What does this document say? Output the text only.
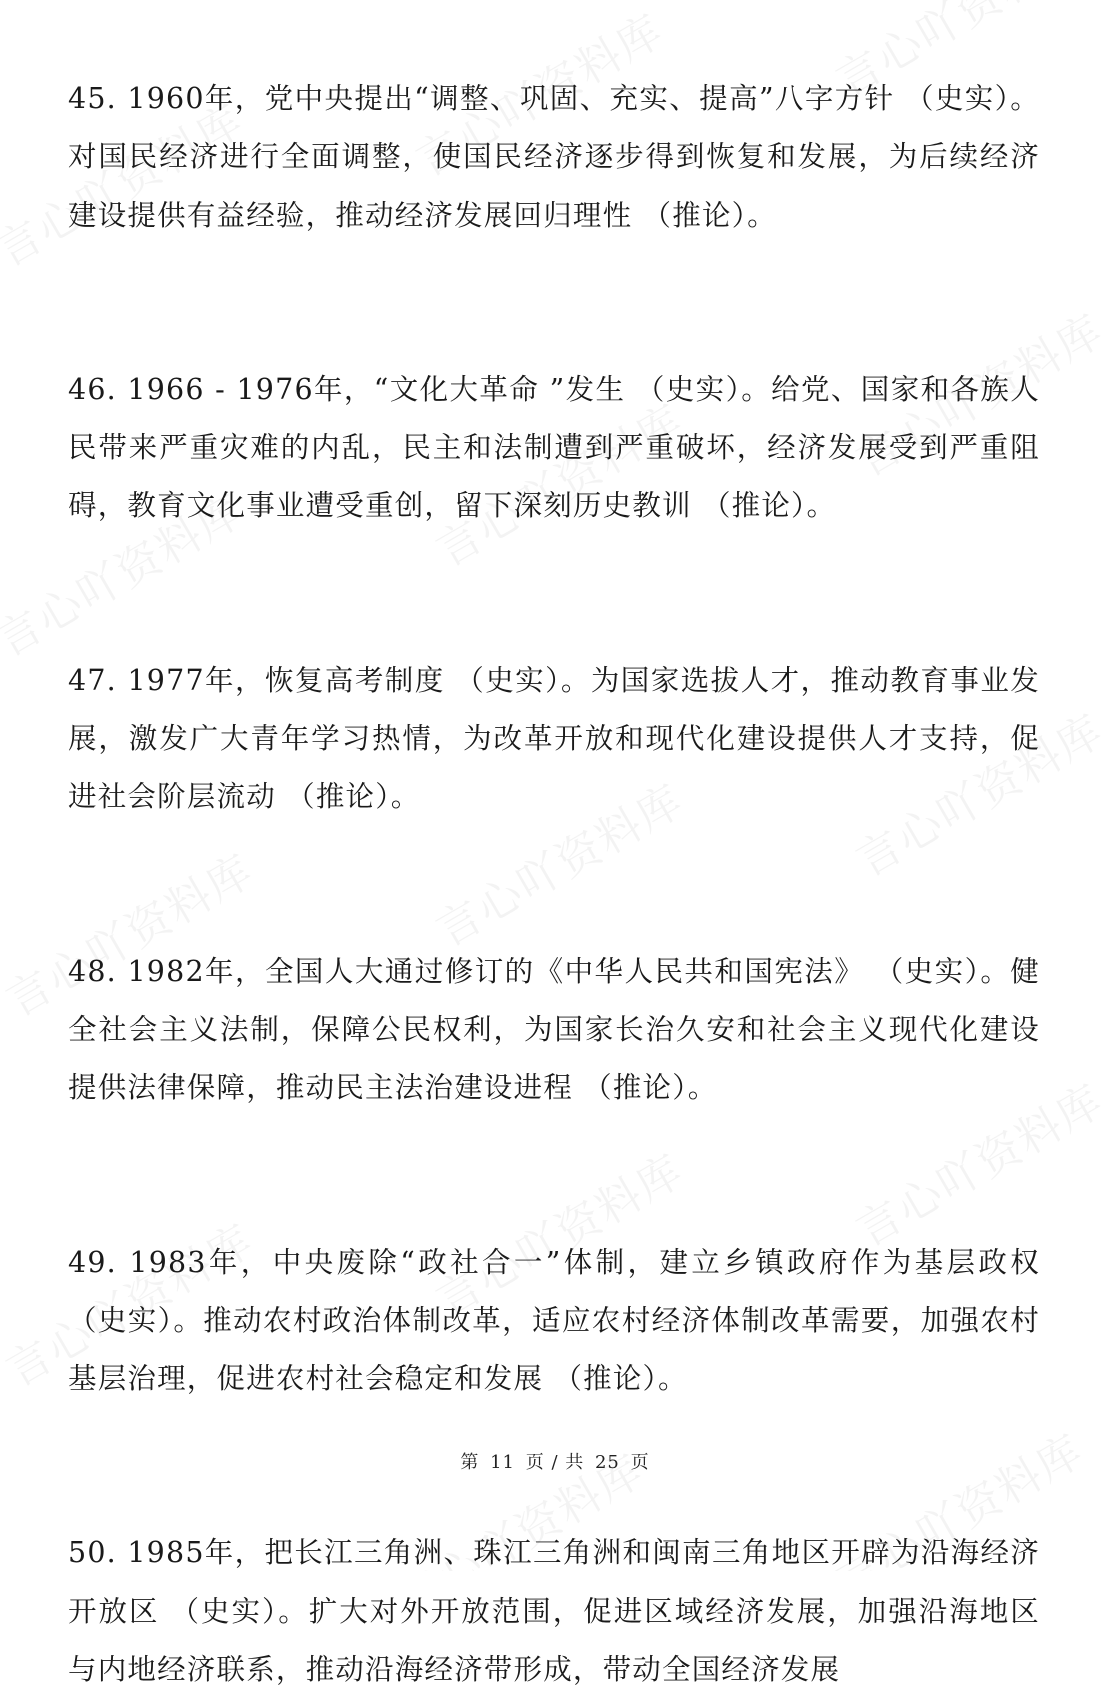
45. 1960年，党中央提出“调整、巩固、充实、提高”八字方针 （史实）。对国民经济进行全面调整，使国民经济逐步得到恢复和发展，为后续经济建设提供有益经验，推动经济发展回归理性 （推论）。

46. 1966 - 1976年，“文化大革命 ”发生 （史实）。给党、国家和各族人民带来严重灾难的内乱，民主和法制遭到严重破坏，经济发展受到严重阻碍，教育文化事业遭受重创，留下深刻历史教训 （推论）。

47. 1977年，恢复高考制度 （史实）。为国家选拔人才，推动教育事业发展，激发广大青年学习热情，为改革开放和现代化建设提供人才支持，促进社会阶层流动 （推论）。

48. 1982年，全国人大通过修订的《中华人民共和国宪法》 （史实）。健全社会主义法制，保障公民权利，为国家长治久安和社会主义现代化建设提供法律保障，推动民主法治建设进程 （推论）。

49. 1983年，中央废除“政社合一”体制，建立乡镇政府作为基层政权 （史实）。推动农村政治体制改革，适应农村经济体制改革需要，加强农村基层治理，促进农村社会稳定和发展 （推论）。

50. 1985年，把长江三角洲、珠江三角洲和闽南三角地区开辟为沿海经济开放区 （史实）。扩大对外开放范围，促进区域经济发展，加强沿海地区与内地经济联系，推动沿海经济带形成，带动全国经济发展

第 11 页 / 共 25 页
